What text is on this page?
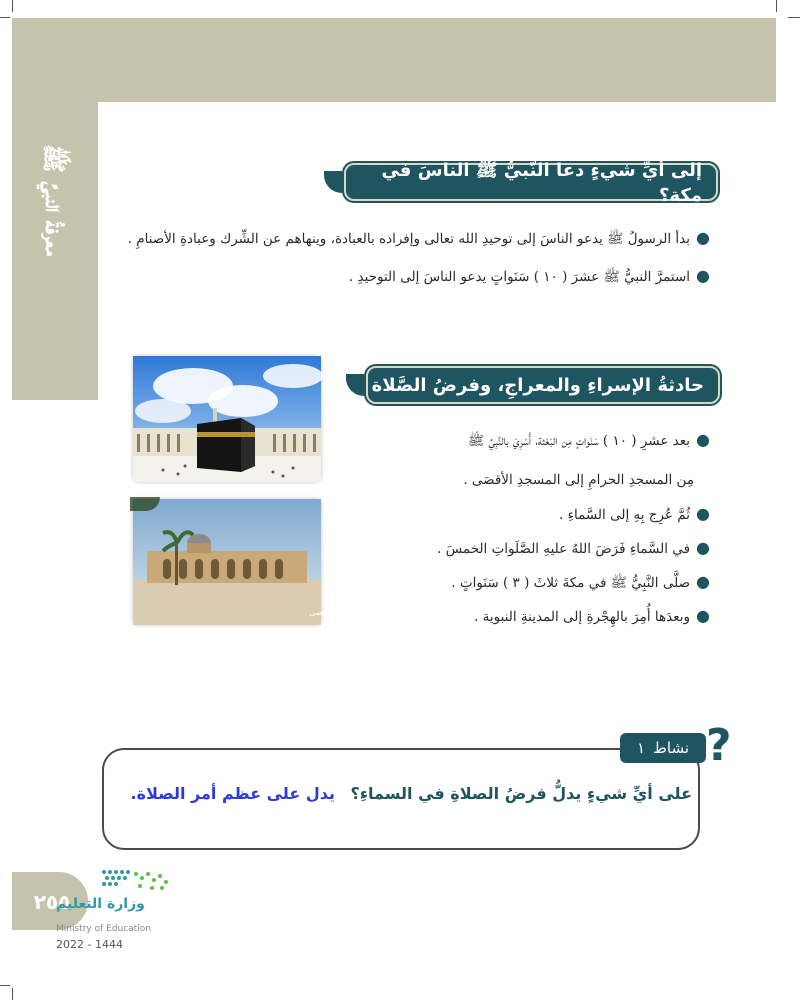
معرفةُ النبيِّ ﷺ	إلى أيِّ شيءٍ دعا النَّبيُّ ﷺ الناسَ في مكة؟
●بدأ الرسولُ ﷺ يدعو الناسَ إلى توحيدِ الله تعالى وإفراده بالعبادة، وينهاهم عن الشِّرك وعبادةِ الأصنامِ .
●استمرَّ النبيُّ ﷺ عشرَ ( ١٠ ) سَنَواتٍ يدعو الناسَ إلى التوحيدِ .
المسجد الأقصى
حادثةُ الإسراءِ والمعراجِ، وفرضُ الصَّلاة
●بعد عشرِ ( ١٠ ) سَنَواتٍ مِن البَعْثة، أُسْرِيَ بالنَّبِيِّ ﷺ
مِن المسجدِ الحرامِ إلى المسجدِ الأقصَى .
●ثُمَّ عُرِج بِهِ إلى السَّماءِ .
●في السَّماءِ فَرَضَ اللهُ عليهِ الصَّلَواتِ الخمسَ .
●صلَّى النَّبِيُّ ﷺ في مكةَ ثلاثَ ( ٣ ) سَنَواتٍ .
●وبعدَها أُمِرَ بالهِجْرةِ إلى المدينةِ النبوية .
نشاط
١ ?
على أيِّ شيءٍ يدلُّ فرضُ الصلاةِ في السماءِ؟ يدل على عظم أمر الصلاة.
٢٥٥
وزارة التعليم
Ministry of Education
2022 - 1444
